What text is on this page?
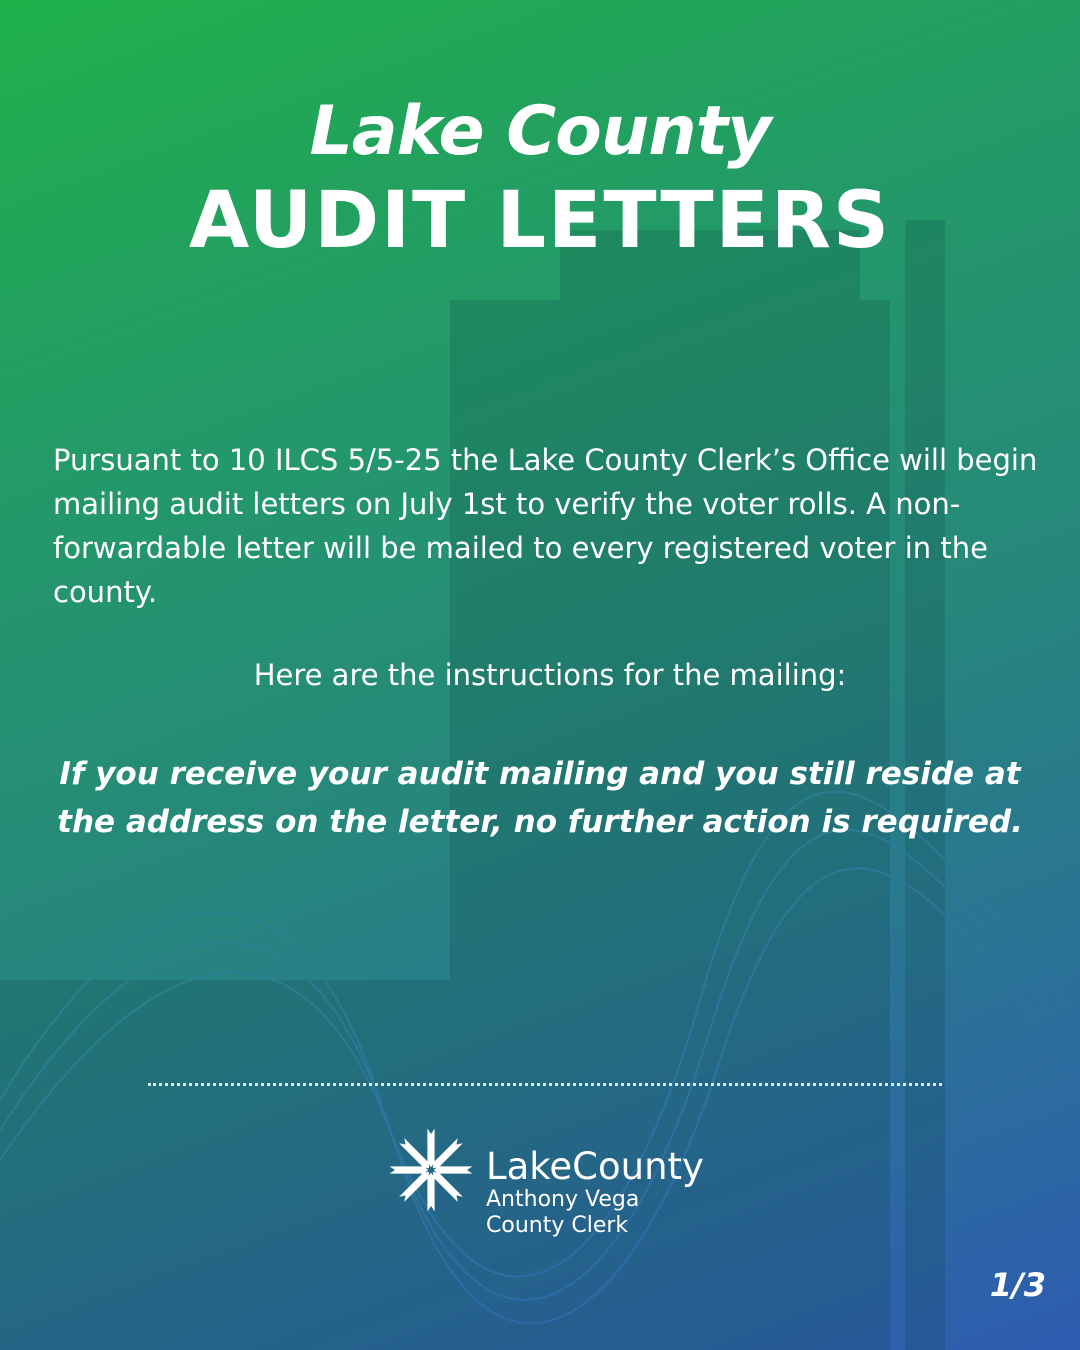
Lake County
AUDIT LETTERS
Pursuant to 10 ILCS 5/5-25 the Lake County Clerk’s Office will begin mailing audit letters on July 1st to verify the voter rolls. A non-forwardable letter will be mailed to every registered voter in the county.
Here are the instructions for the mailing:
If you receive your audit mailing and you still reside at the address on the letter, no further action is required.
LakeCounty
Anthony Vega
County Clerk
1/3
